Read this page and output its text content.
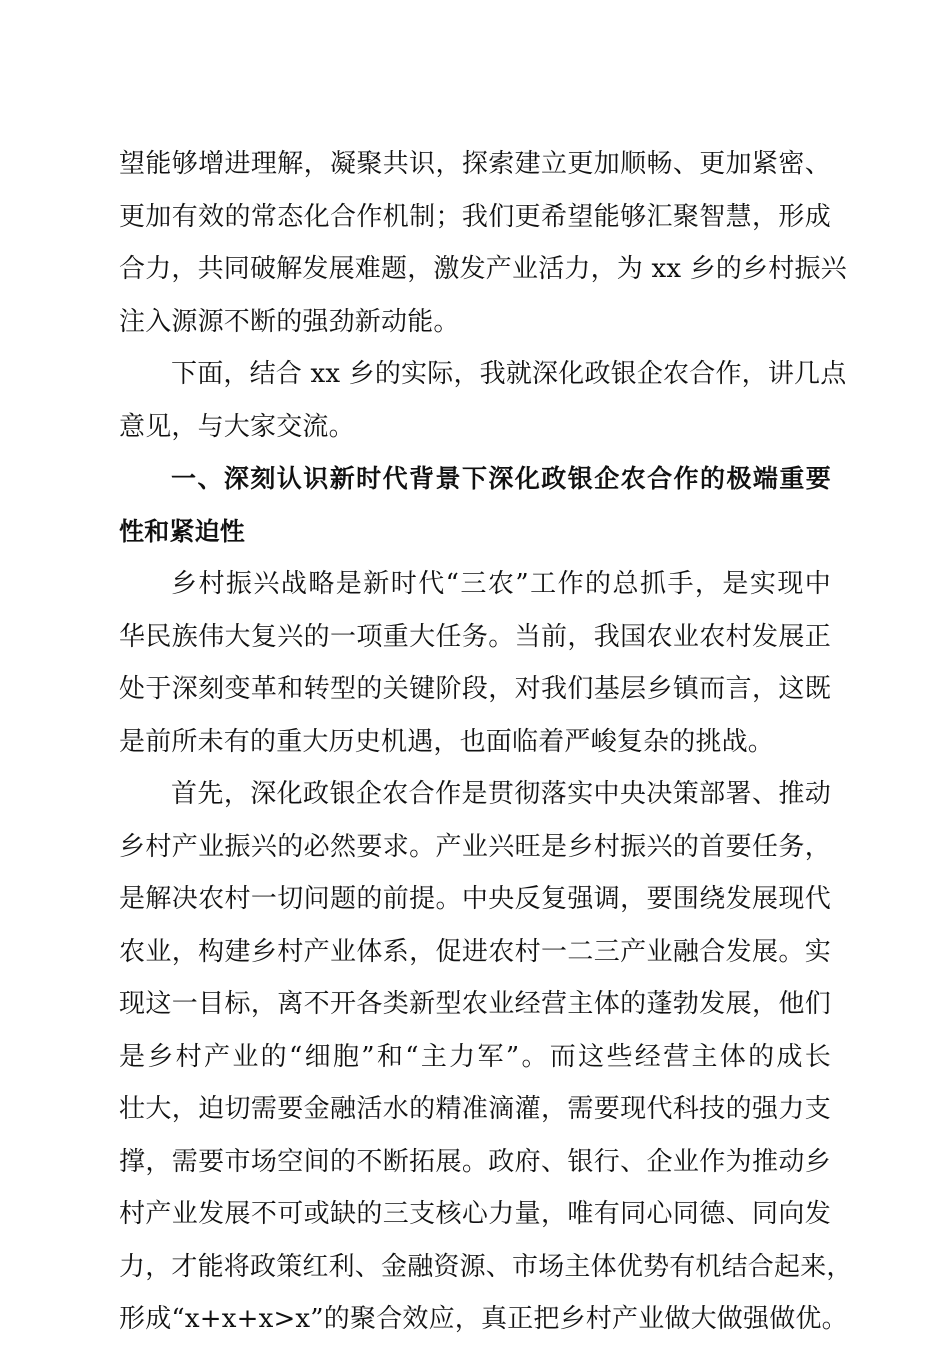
望能够增进理解，凝聚共识，探索建立更加顺畅、更加紧密、
更加有效的常态化合作机制；我们更希望能够汇聚智慧，形成
合力，共同破解发展难题，激发产业活力，为 xx 乡的乡村振兴
注入源源不断的强劲新动能。
下面，结合 xx 乡的实际，我就深化政银企农合作，讲几点
意见，与大家交流。
一、深刻认识新时代背景下深化政银企农合作的极端重要
性和紧迫性
乡村振兴战略是新时代“三农”工作的总抓手，是实现中
华民族伟大复兴的一项重大任务。当前，我国农业农村发展正
处于深刻变革和转型的关键阶段，对我们基层乡镇而言，这既
是前所未有的重大历史机遇，也面临着严峻复杂的挑战。
首先，深化政银企农合作是贯彻落实中央决策部署、推动
乡村产业振兴的必然要求。产业兴旺是乡村振兴的首要任务，
是解决农村一切问题的前提。中央反复强调，要围绕发展现代
农业，构建乡村产业体系，促进农村一二三产业融合发展。实
现这一目标，离不开各类新型农业经营主体的蓬勃发展，他们
是乡村产业的“细胞”和“主力军”。而这些经营主体的成长
壮大，迫切需要金融活水的精准滴灌，需要现代科技的强力支
撑，需要市场空间的不断拓展。政府、银行、企业作为推动乡
村产业发展不可或缺的三支核心力量，唯有同心同德、同向发
力，才能将政策红利、金融资源、市场主体优势有机结合起来，
形成“x+x+x>x”的聚合效应，真正把乡村产业做大做强做优。
